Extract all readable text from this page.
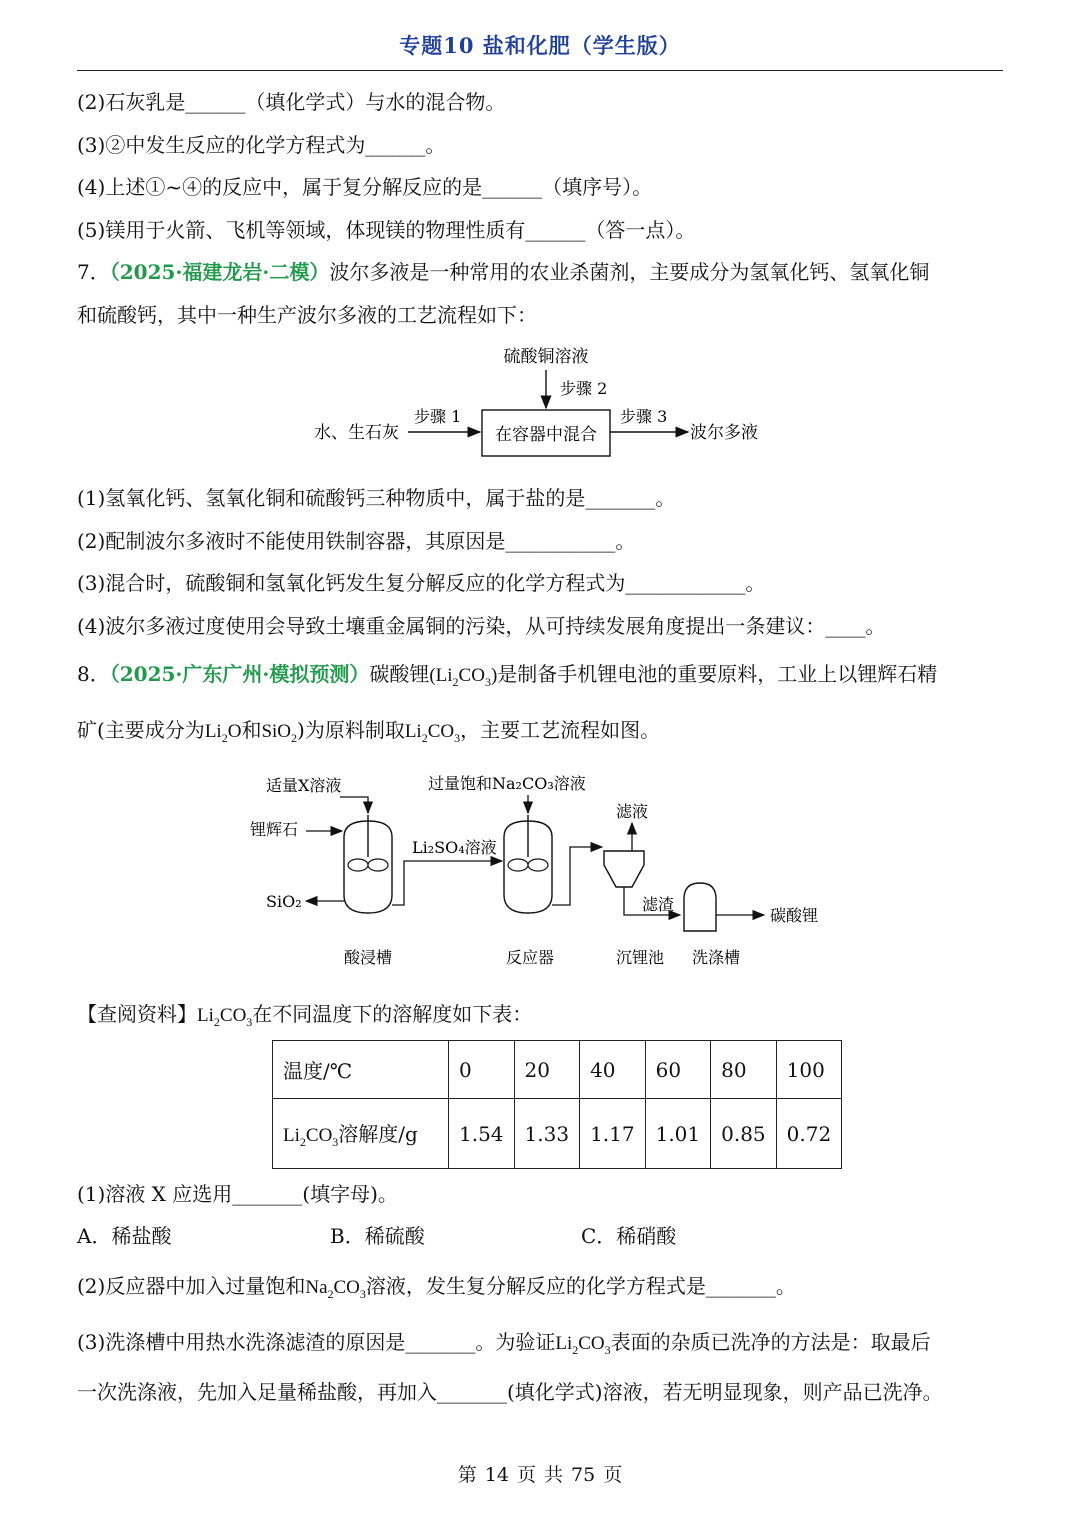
专题10 盐和化肥（学生版）
(2)石灰乳是______（填化学式）与水的混合物。
(3)②中发生反应的化学方程式为______。
(4)上述①~④的反应中，属于复分解反应的是______（填序号）。
(5)镁用于火箭、飞机等领域，体现镁的物理性质有______（答一点）。
7．（2025·福建龙岩·二模）波尔多液是一种常用的农业杀菌剂，主要成分为氢氧化钙、氢氧化铜
和硫酸钙，其中一种生产波尔多液的工艺流程如下：
硫酸铜溶液
步骤 2
在容器中混合
水、生石灰
步骤 1	步骤 3
波尔多液
(1)氢氧化钙、氢氧化铜和硫酸钙三种物质中，属于盐的是_______。
(2)配制波尔多液时不能使用铁制容器，其原因是___________。
(3)混合时，硫酸铜和氢氧化钙发生复分解反应的化学方程式为____________。
(4)波尔多液过度使用会导致土壤重金属铜的污染，从可持续发展角度提出一条建议：____。
8．（2025·广东广州·模拟预测）碳酸锂$(Li_2CO_3)$是制备手机锂电池的重要原料，工业上以锂辉石精
矿(主要成分为$Li_2O$和SiO$_2$)为原料制取$Li_2CO_3$，主要工艺流程如图。
适量X溶液	过量饱和Na₂CO₃溶液
滤液
锂辉石
Li₂SO₄溶液
SiO₂	滤渣
碳酸锂
酸浸槽	反应器	沉锂池 洗涤槽
【查阅资料】$Li_2CO_3$在不同温度下的溶解度如下表：
温度/℃	0	20	40	60	80	100
$Li_2CO_3$溶解度/g	1.54	1.33	1.17	1.01	0.85	0.72
(1)溶液 X 应选用_______(填字母)。
A．稀盐酸	B．稀硫酸	C．稀硝酸
(2)反应器中加入过量饱和$Na_2CO_3$溶液，发生复分解反应的化学方程式是_______。
(3)洗涤槽中用热水洗涤滤渣的原因是_______。为验证$Li_2CO_3$表面的杂质已洗净的方法是：取最后
一次洗涤液，先加入足量稀盐酸，再加入_______(填化学式)溶液，若无明显现象，则产品已洗净。
第 14 页 共 75 页
